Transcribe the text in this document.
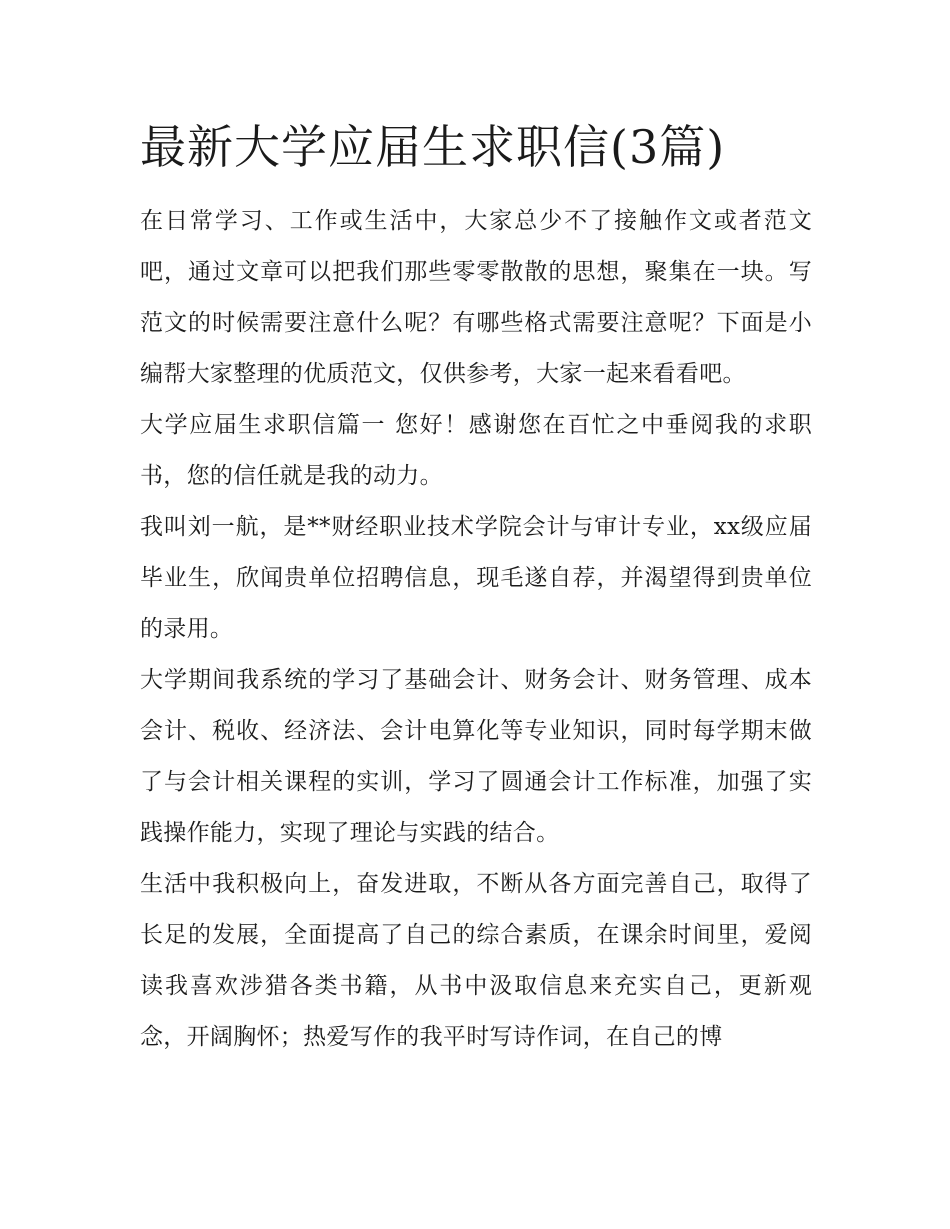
最新大学应届生求职信(3篇)

在日常学习、工作或生活中，大家总少不了接触作文或者范文吧，通过文章可以把我们那些零零散散的思想，聚集在一块。写范文的时候需要注意什么呢？有哪些格式需要注意呢？下面是小编帮大家整理的优质范文，仅供参考，大家一起来看看吧。

大学应届生求职信篇一 您好！感谢您在百忙之中垂阅我的求职书，您的信任就是我的动力。

我叫刘一航，是**财经职业技术学院会计与审计专业，xx级应届毕业生，欣闻贵单位招聘信息，现毛遂自荐，并渴望得到贵单位的录用。

大学期间我系统的学习了基础会计、财务会计、财务管理、成本会计、税收、经济法、会计电算化等专业知识，同时每学期末做了与会计相关课程的实训，学习了圆通会计工作标准，加强了实践操作能力，实现了理论与实践的结合。

生活中我积极向上，奋发进取，不断从各方面完善自己，取得了长足的发展，全面提高了自己的综合素质，在课余时间里，爱阅读我喜欢涉猎各类书籍，从书中汲取信息来充实自己，更新观念，开阔胸怀；热爱写作的我平时写诗作词，在自己的博
